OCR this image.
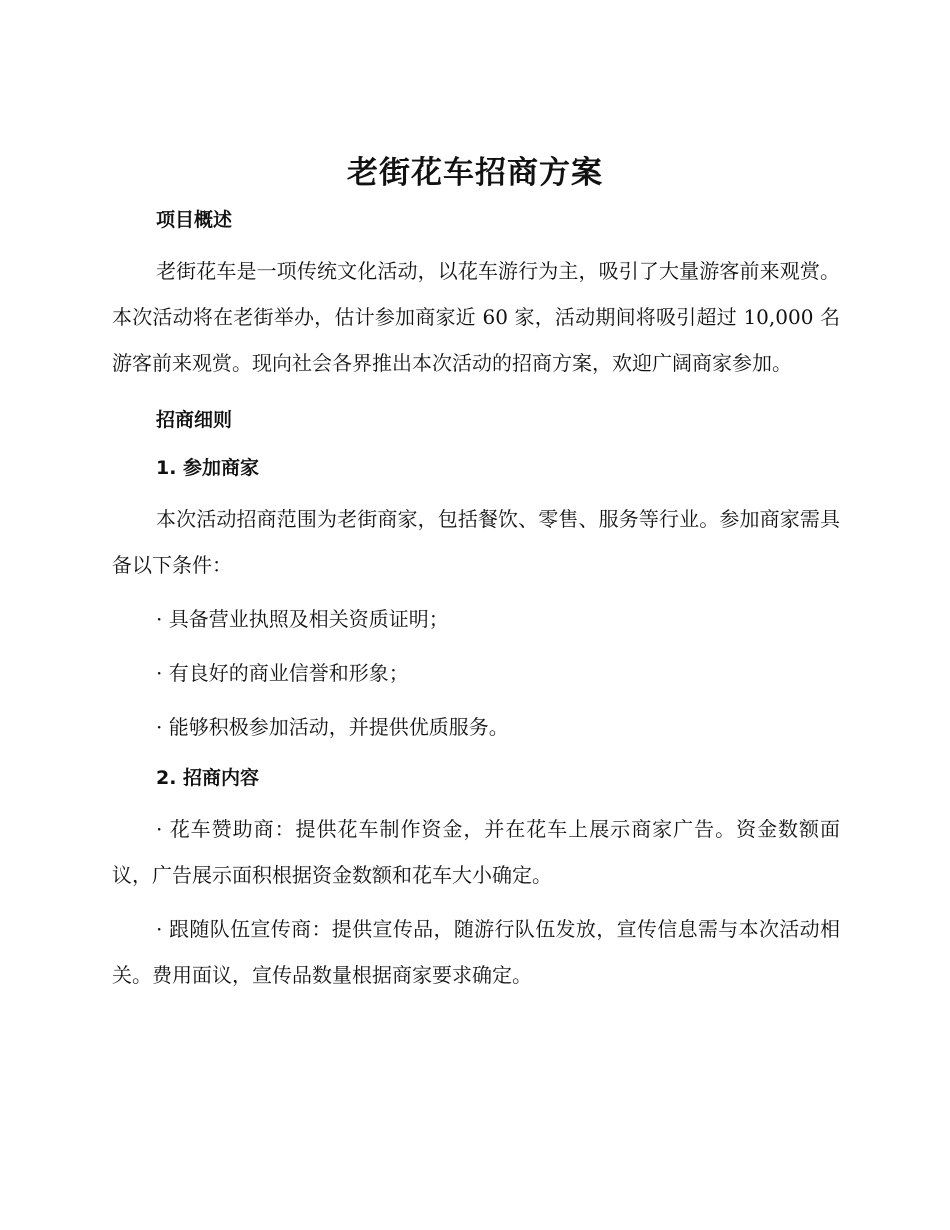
老街花车招商方案
项目概述

老街花车是一项传统文化活动，以花车游行为主，吸引了大量游客前来观赏。本次活动将在老街举办，估计参加商家近 60 家，活动期间将吸引超过 10,000 名游客前来观赏。现向社会各界推出本次活动的招商方案，欢迎广阔商家参加。

招商细则
1. 参加商家

本次活动招商范围为老街商家，包括餐饮、零售、服务等行业。参加商家需具备以下条件：

· 具备营业执照及相关资质证明；

· 有良好的商业信誉和形象；

· 能够积极参加活动，并提供优质服务。

2. 招商内容

· 花车赞助商：提供花车制作资金，并在花车上展示商家广告。资金数额面议，广告展示面积根据资金数额和花车大小确定。

· 跟随队伍宣传商：提供宣传品，随游行队伍发放，宣传信息需与本次活动相关。费用面议，宣传品数量根据商家要求确定。
